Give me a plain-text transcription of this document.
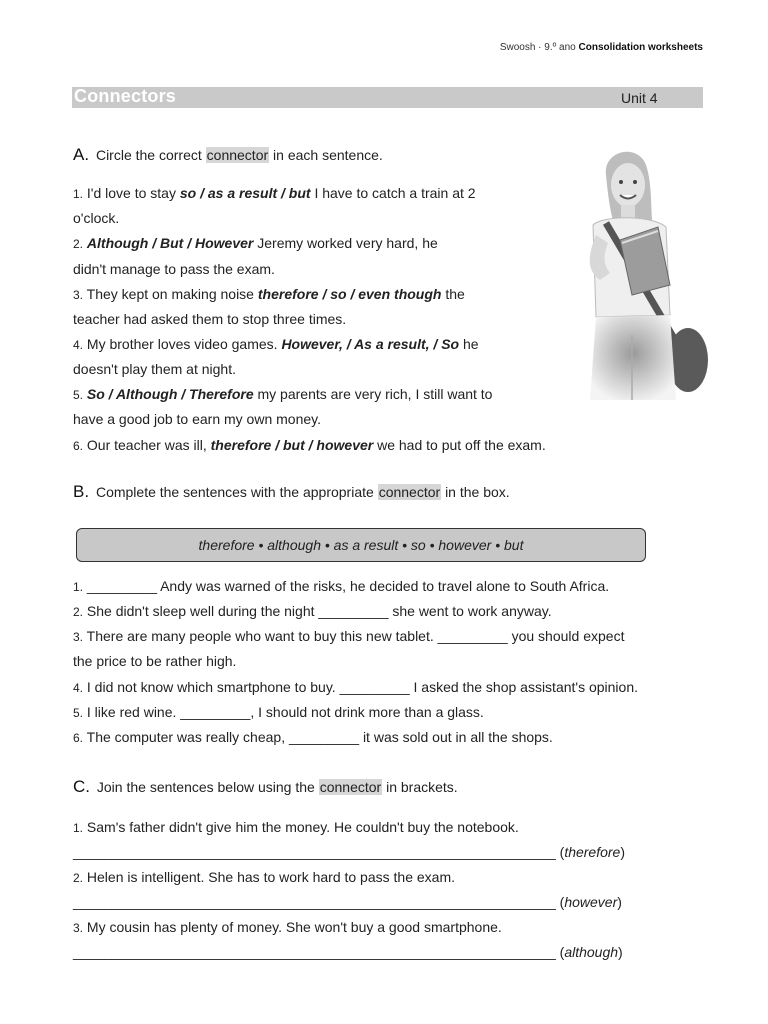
Swoosh · 9.º ano Consolidation worksheets
Connectors	Unit 4
A. Circle the correct connector in each sentence.
1. I'd love to stay so / as a result / but I have to catch a train at 2
o'clock.
2. Although / But / However Jeremy worked very hard, he
didn't manage to pass the exam.
3. They kept on making noise therefore / so / even though the
teacher had asked them to stop three times.
4. My brother loves video games. However, / As a result, / So he
doesn't play them at night.
5. So / Although / Therefore my parents are very rich, I still want to
have a good job to earn my own money.
6. Our teacher was ill, therefore / but / however we had to put off the exam.
B. Complete the sentences with the appropriate connector in the box.
therefore • although • as a result • so • however • but
1. _________ Andy was warned of the risks, he decided to travel alone to South Africa.
2. She didn't sleep well during the night _________ she went to work anyway.
3. There are many people who want to buy this new tablet. _________ you should expect
the price to be rather high.
4. I did not know which smartphone to buy. _________ I asked the shop assistant's opinion.
5. I like red wine. _________, I should not drink more than a glass.
6. The computer was really cheap, _________ it was sold out in all the shops.
C. Join the sentences below using the connector in brackets.
1. Sam's father didn't give him the money. He couldn't buy the notebook.
______________________________________________________________ (therefore)
2. Helen is intelligent. She has to work hard to pass the exam.
______________________________________________________________ (however)
3. My cousin has plenty of money. She won't buy a good smartphone.
______________________________________________________________ (although)
